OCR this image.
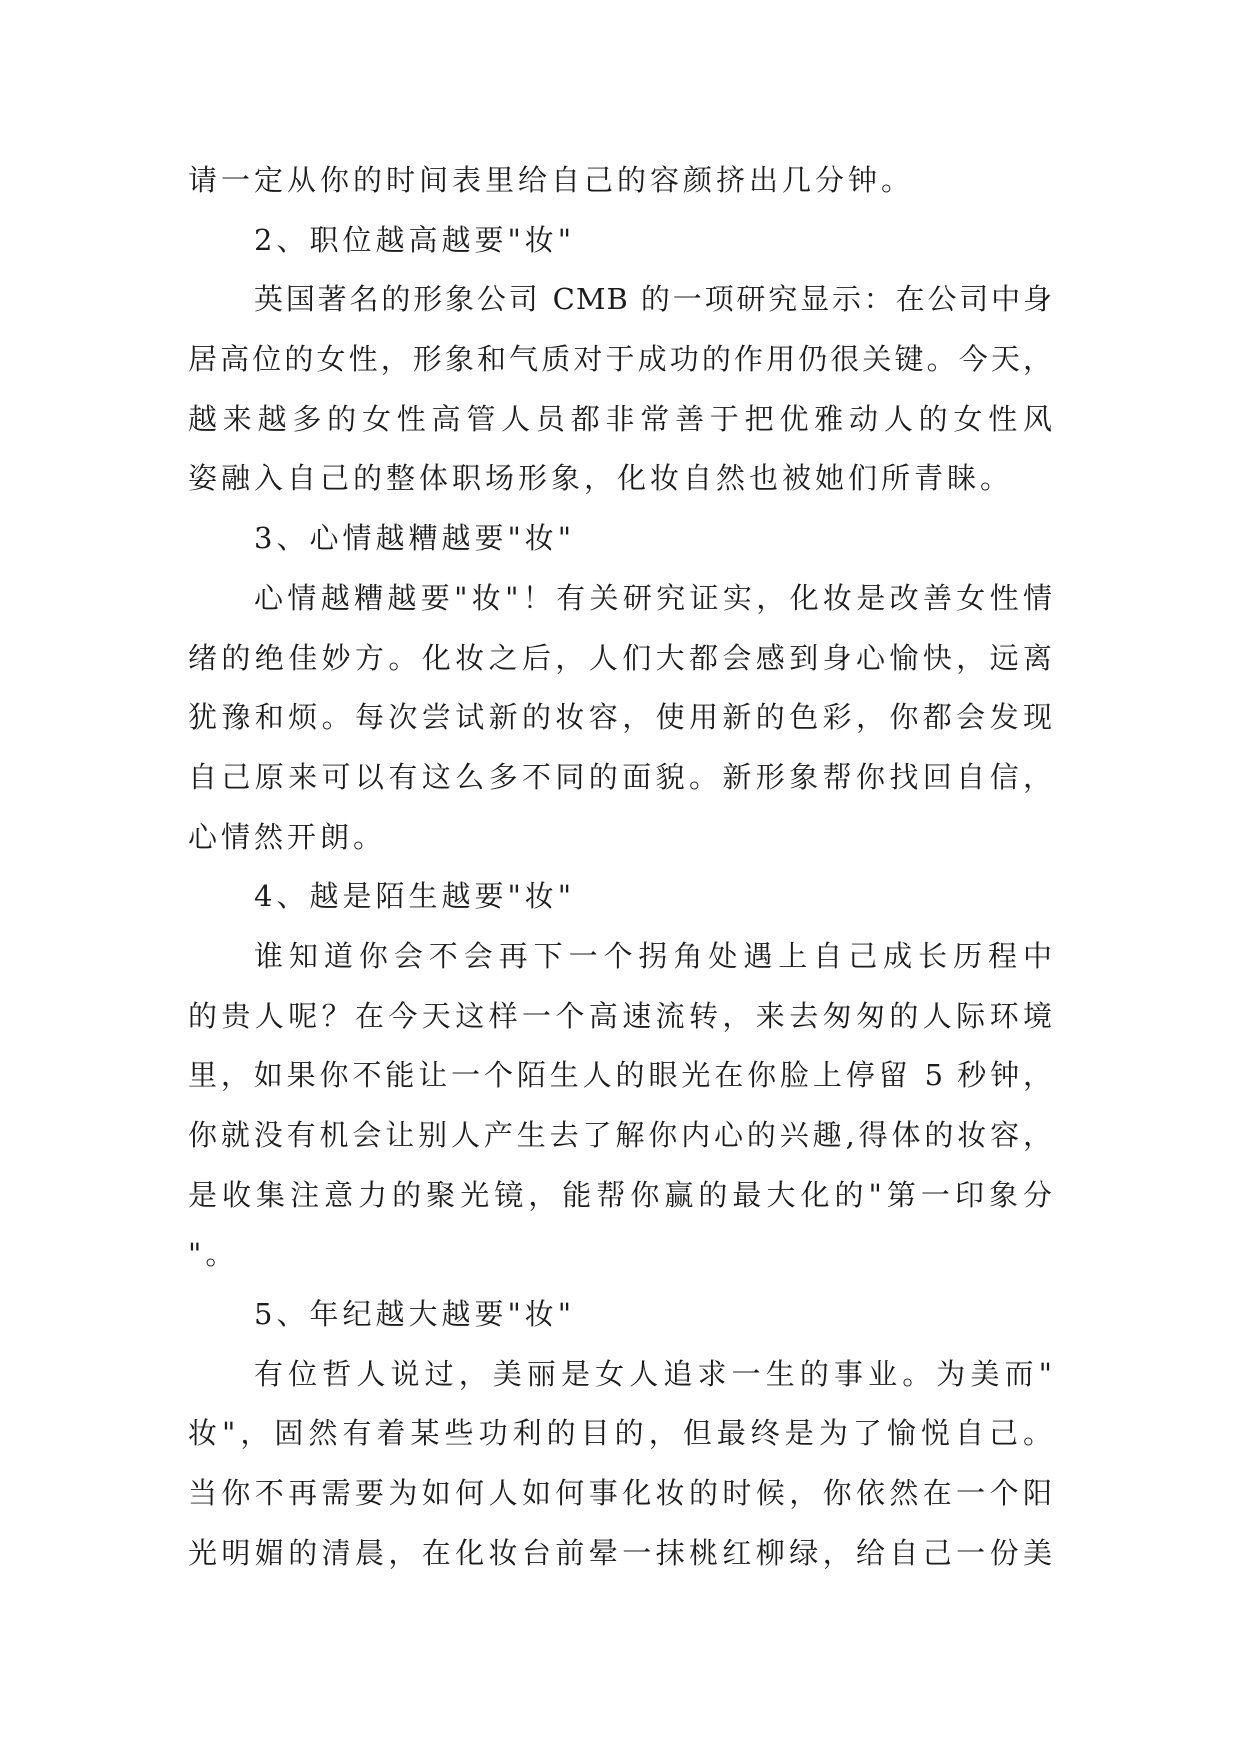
请一定从你的时间表里给自己的容颜挤出几分钟。
2、职位越高越要"妆"
英国著名的形象公司 CMB 的一项研究显示：在公司中身
居高位的女性，形象和气质对于成功的作用仍很关键。今天，
越来越多的女性高管人员都非常善于把优雅动人的女性风
姿融入自己的整体职场形象，化妆自然也被她们所青睐。
3、心情越糟越要"妆"
心情越糟越要"妆"！有关研究证实，化妆是改善女性情
绪的绝佳妙方。化妆之后，人们大都会感到身心愉快，远离
犹豫和烦。每次尝试新的妆容，使用新的色彩，你都会发现
自己原来可以有这么多不同的面貌。新形象帮你找回自信，
心情然开朗。
4、越是陌生越要"妆"
谁知道你会不会再下一个拐角处遇上自己成长历程中
的贵人呢？在今天这样一个高速流转，来去匆匆的人际环境
里，如果你不能让一个陌生人的眼光在你脸上停留 5 秒钟，
你就没有机会让别人产生去了解你内心的兴趣,得体的妆容，
是收集注意力的聚光镜，能帮你赢的最大化的"第一印象分
"。
5、年纪越大越要"妆"
有位哲人说过，美丽是女人追求一生的事业。为美而"
妆"，固然有着某些功利的目的，但最终是为了愉悦自己。
当你不再需要为如何人如何事化妆的时候，你依然在一个阳
光明媚的清晨，在化妆台前晕一抹桃红柳绿，给自己一份美
